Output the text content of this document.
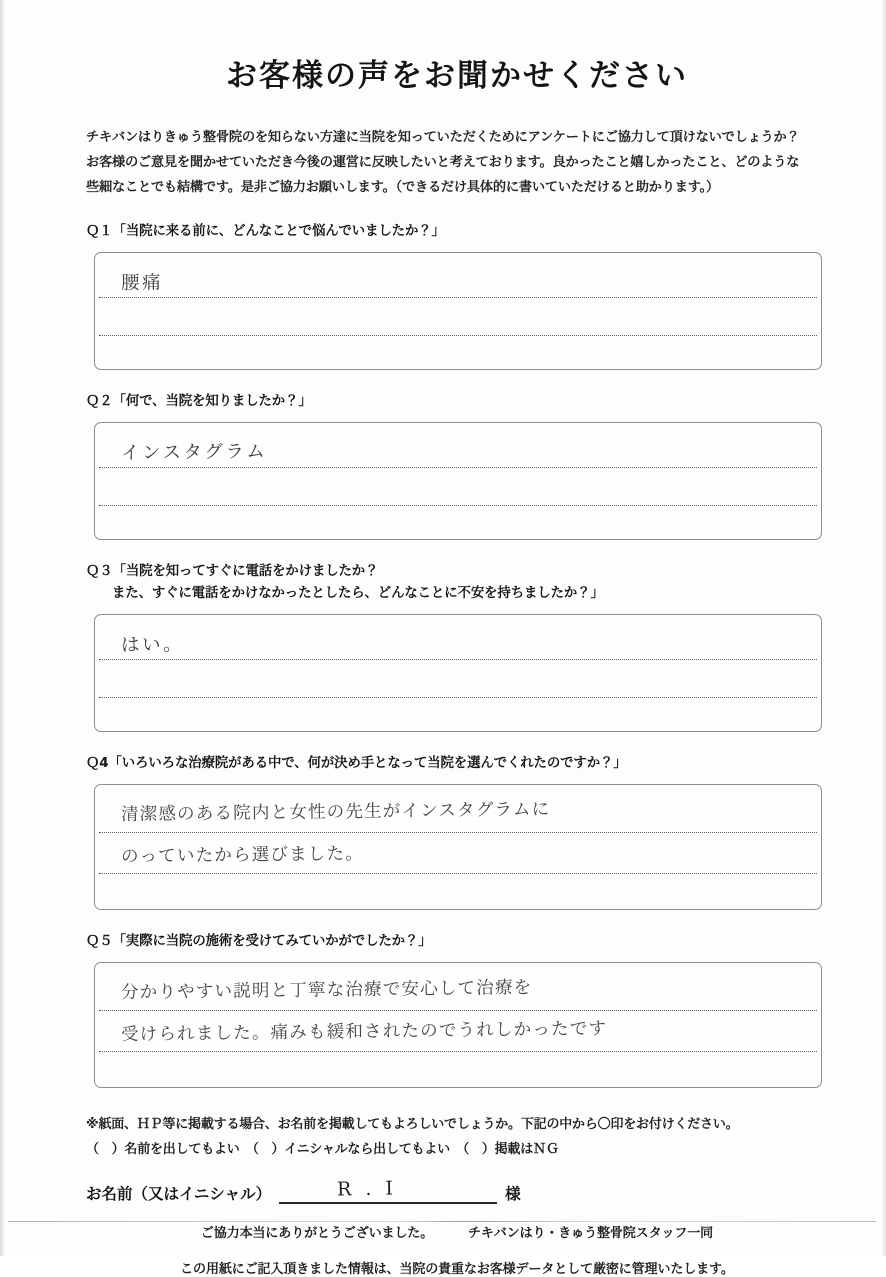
お客様の声をお聞かせください

チキバンはりきゅう整骨院のを知らない方達に当院を知っていただくためにアンケートにご協力して頂けないでしょうか？

お客様のご意見を聞かせていただき今後の運営に反映したいと考えております。良かったこと嬉しかったこと、どのような

些細なことでも結構です。是非ご協力お願いします。（できるだけ具体的に書いていただけると助かります。）

Ｑ１「当院に来る前に、どんなことで悩んでいましたか？」
腰痛
Ｑ２「何で、当院を知りましたか？」
インスタグラム
Ｑ３「当院を知ってすぐに電話をかけましたか？
また、すぐに電話をかけなかったとしたら、どんなことに不安を持ちましたか？」
はい。
Ｑ4「いろいろな治療院がある中で、何が決め手となって当院を選んでくれたのですか？」
清潔感のある院内と女性の先生がインスタグラムに
のっていたから選びました。
Ｑ５「実際に当院の施術を受けてみていかがでしたか？」
分かりやすい説明と丁寧な治療で安心して治療を
受けられました。痛みも緩和されたのでうれしかったです

※紙面、ＨＰ等に掲載する場合、お名前を掲載してもよろしいでしょうか。下記の中から〇印をお付けください。

（　）名前を出してもよい　（　）イニシャルなら出してもよい　（　）掲載はＮＧ

お名前（又はイニシャル）	R . I	様
ご協力本当にありがとうございました。	チキバンはり・きゅう整骨院スタッフ一同
この用紙にご記入頂きました情報は、当院の貴重なお客様データとして厳密に管理いたします。
